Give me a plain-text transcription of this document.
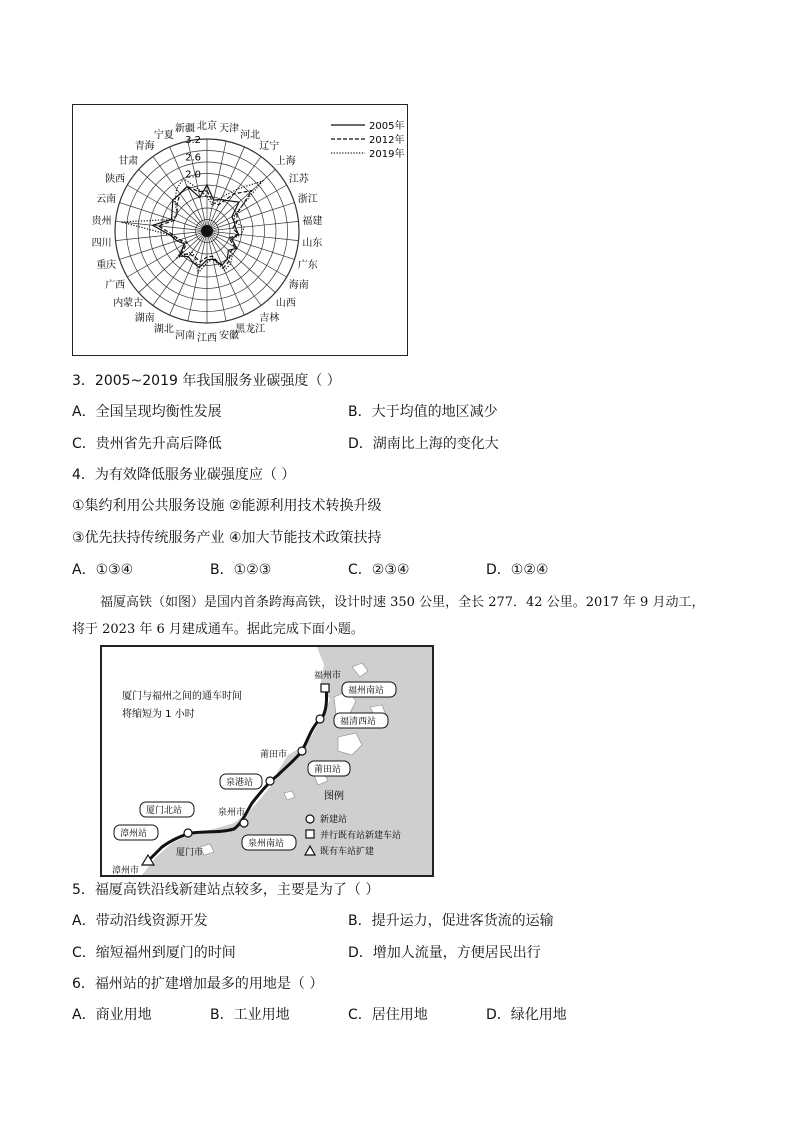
北京 天津
河北
辽宁
上海
江苏
浙江
福建
山东
广东
海南
山西
吉林
黑龙江
安徽
江西
河南
湖北
湖南
内蒙古
广西
重庆
四川
贵州
云南
陕西
甘肃
青海
宁夏
新疆
2.0
2.6
3.2
2005年
2012年
2019年
3．2005~2019 年我国服务业碳强度（ ）
A．全国呈现均衡性发展	B．大于均值的地区减少
C．贵州省先升高后降低	D．湖南比上海的变化大
4．为有效降低服务业碳强度应（ ）
①集约利用公共服务设施 ②能源利用技术转换升级
③优先扶持传统服务产业 ④加大节能技术政策扶持
A．①③④	B．①②③	C．②③④	D．①②④
福厦高铁（如图）是国内首条跨海高铁，设计时速 350 公里，全长 277．42 公里。2017 年 9 月动工，
将于 2023 年 6 月建成通车。据此完成下面小题。
厦门与福州之间的通车时间
将缩短为 1 小时
福州市
莆田市
泉州市
厦门市
漳州市
福州南站
福清西站
莆田站
泉港站
泉州南站
厦门北站
漳州站
图例
新建站
并行既有站新建车站
既有车站扩建
5．福厦高铁沿线新建站点较多，主要是为了（ ）
A．带动沿线资源开发	B．提升运力，促进客货流的运输
C．缩短福州到厦门的时间	D．增加人流量，方便居民出行
6．福州站的扩建增加最多的用地是（ ）
A．商业用地	B．工业用地	C．居住用地	D．绿化用地
